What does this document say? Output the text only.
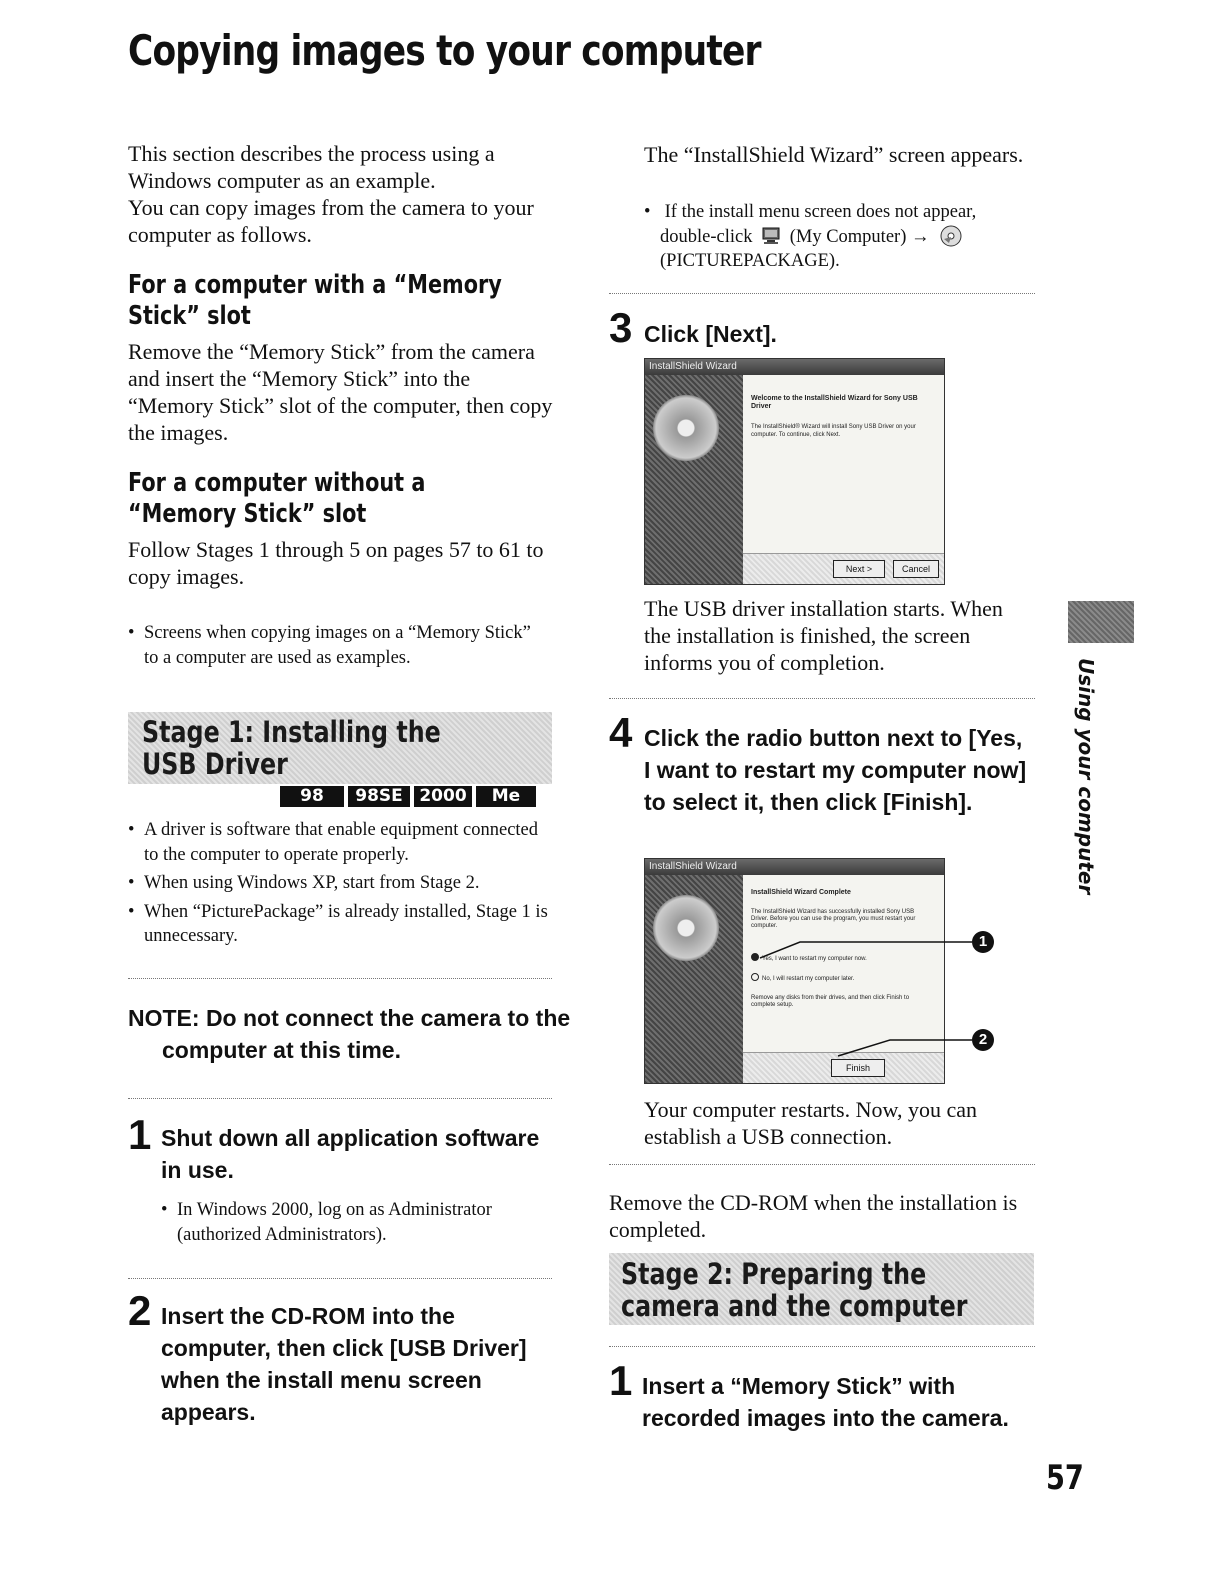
Copying images to your computer
This section describes the process using a Windows computer as an example.
You can copy images from the camera to your computer as follows.
For a computer with a “Memory Stick” slot
Remove the “Memory Stick” from the camera and insert the “Memory Stick” into the “Memory Stick” slot of the computer, then copy the images.
For a computer without a “Memory Stick” slot
Follow Stages 1 through 5 on pages 57 to 61 to copy images.
• Screens when copying images on a “Memory Stick” to a computer are used as examples.
Stage 1: Installing the USB Driver
98	98SE 2000	Me
• A driver is software that enable equipment connected to the computer to operate properly.
• When using Windows XP, start from Stage 2.
• When “PicturePackage” is already installed, Stage 1 is unnecessary.
NOTE: Do not connect the camera to the computer at this time.
1 Shut down all application software in use.
• In Windows 2000, log on as Administrator (authorized Administrators).
2 Insert the CD-ROM into the computer, then click [USB Driver] when the install menu screen appears.
The “InstallShield Wizard” screen appears.
• If the install menu screen does not appear, double-click (My Computer) →  (PICTUREPACKAGE).
3 Click [Next].
InstallShield Wizard
Welcome to the InstallShield Wizard for Sony USB Driver
The InstallShield® Wizard will install Sony USB Driver on your computer. To continue, click Next.
Next >	Cancel
The USB driver installation starts. When the installation is finished, the screen informs you of completion.
4 Click the radio button next to [Yes, I want to restart my computer now] to select it, then click [Finish].
InstallShield Wizard
InstallShield Wizard Complete
The InstallShield Wizard has successfully installed Sony USB Driver. Before you can use the program, you must restart your computer.
Yes, I want to restart my computer now.
No, I will restart my computer later.
Remove any disks from their drives, and then click Finish to complete setup.
Finish
1
2
Your computer restarts. Now, you can establish a USB connection.
Remove the CD-ROM when the installation is completed.
Stage 2: Preparing the camera and the computer
1 Insert a “Memory Stick” with recorded images into the camera.
Using your computer
57
